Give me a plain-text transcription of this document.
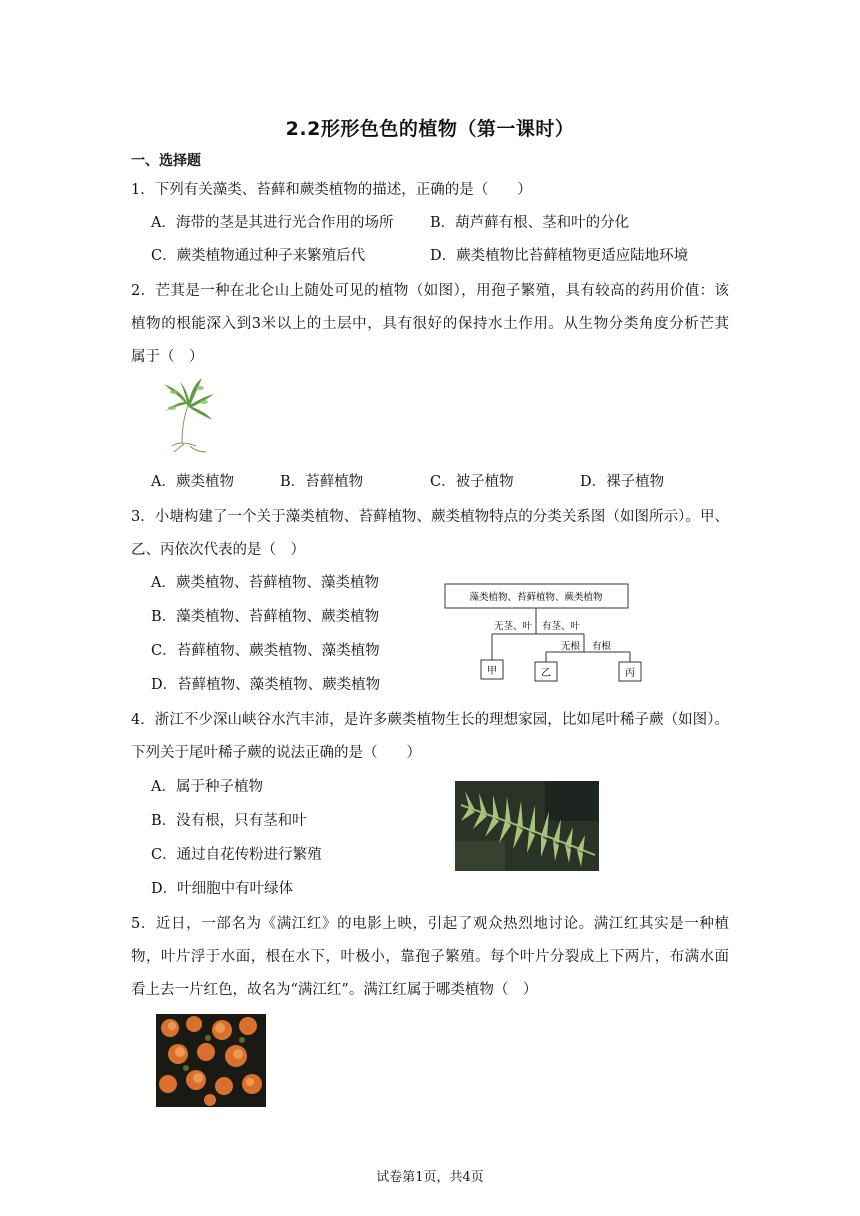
2.2形形色色的植物（第一课时）
一、选择题
1．下列有关藻类、苔藓和蕨类植物的描述，正确的是（　　）
A．海带的茎是其进行光合作用的场所	B．葫芦藓有根、茎和叶的分化
C．蕨类植物通过种子来繁殖后代	D．蕨类植物比苔藓植物更适应陆地环境
2．芒萁是一种在北仑山上随处可见的植物（如图），用孢子繁殖，具有较高的药用价值：该
植物的根能深入到3米以上的土层中，具有很好的保持水土作用。从生物分类角度分析芒萁
属于（　）
·
A．蕨类植物	B．苔藓植物	C．被子植物	D．裸子植物
3．小塘构建了一个关于藻类植物、苔藓植物、蕨类植物特点的分类关系图（如图所示）。甲、
乙、丙依次代表的是（　）
A．蕨类植物、苔藓植物、藻类植物
B．藻类植物、苔藓植物、蕨类植物
C．苔藓植物、蕨类植物、藻类植物
D．苔藓植物、藻类植物、蕨类植物
藻类植物、苔藓植物、蕨类植物
无茎、叶 有茎、叶
无根 有根
甲	乙	丙
4．浙江不少深山峡谷水汽丰沛，是许多蕨类植物生长的理想家园，比如尾叶稀子蕨（如图）。
下列关于尾叶稀子蕨的说法正确的是（　　）
A．属于种子植物
B．没有根，只有茎和叶
C．通过自花传粉进行繁殖
D．叶细胞中有叶绿体
5．近日，一部名为《满江红》的电影上映，引起了观众热烈地讨论。满江红其实是一种植
物，叶片浮于水面，根在水下，叶极小，靠孢子繁殖。每个叶片分裂成上下两片，布满水面
看上去一片红色，故名为“满江红”。满江红属于哪类植物（　）
试卷第1页，共4页
